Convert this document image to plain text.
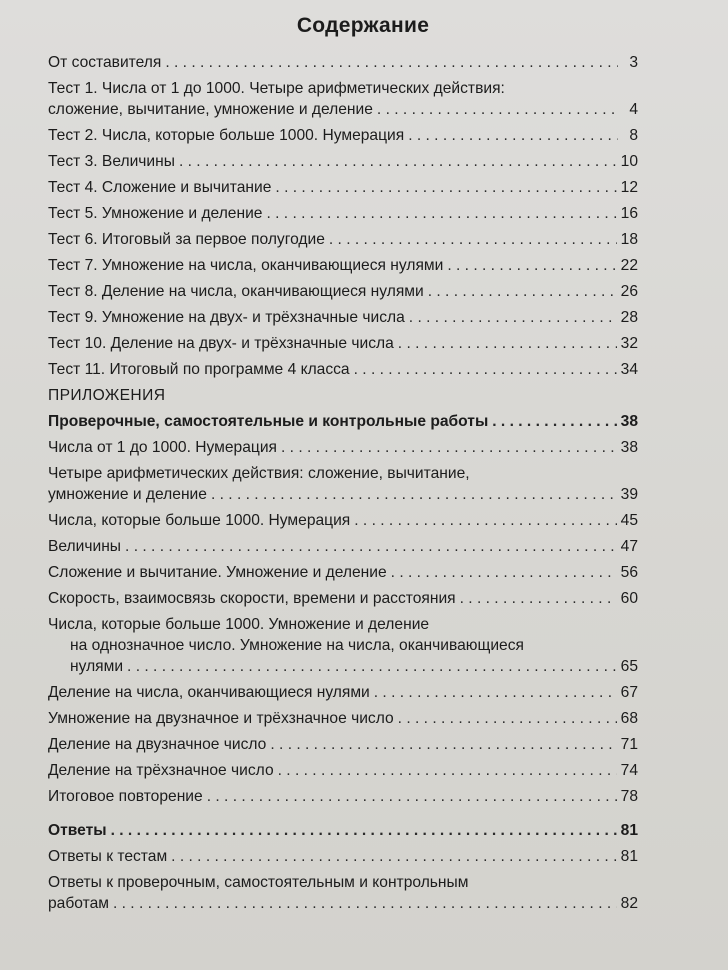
Содержание
От составителя . . .	3
Тест 1. Числа от 1 до 1000. Четыре арифметических действия:
сложение, вычитание, умножение и деление . . .	4
Тест 2. Числа, которые больше 1000. Нумерация . . .	8
Тест 3. Величины . . .	10
Тест 4. Сложение и вычитание . . .	12
Тест 5. Умножение и деление . . .	16
Тест 6. Итоговый за первое полугодие . . .	18
Тест 7. Умножение на числа, оканчивающиеся нулями . . .	22
Тест 8. Деление на числа, оканчивающиеся нулями . . .	26
Тест 9. Умножение на двух- и трёхзначные числа . . .	28
Тест 10. Деление на двух- и трёхзначные числа . . .	32
Тест 11. Итоговый по программе 4 класса . . .	34
ПРИЛОЖЕНИЯ
Проверочные, самостоятельные и контрольные работы . . .	38
Числа от 1 до 1000. Нумерация . . .	38
Четыре арифметических действия: сложение, вычитание,
умножение и деление . . .	39
Числа, которые больше 1000. Нумерация . . .	45
Величины . . .	47
Сложение и вычитание. Умножение и деление . . .	56
Скорость, взаимосвязь скорости, времени и расстояния . . .	60
Числа, которые больше 1000. Умножение и деление
на однозначное число. Умножение на числа, оканчивающиеся
нулями . . .	65
Деление на числа, оканчивающиеся нулями . . .	67
Умножение на двузначное и трёхзначное число . . .	68
Деление на двузначное число . . .	71
Деление на трёхзначное число . . .	74
Итоговое повторение . . .	78
Ответы . . .	81
Ответы к тестам . . .	81
Ответы к проверочным, самостоятельным и контрольным
работам . . .	82
